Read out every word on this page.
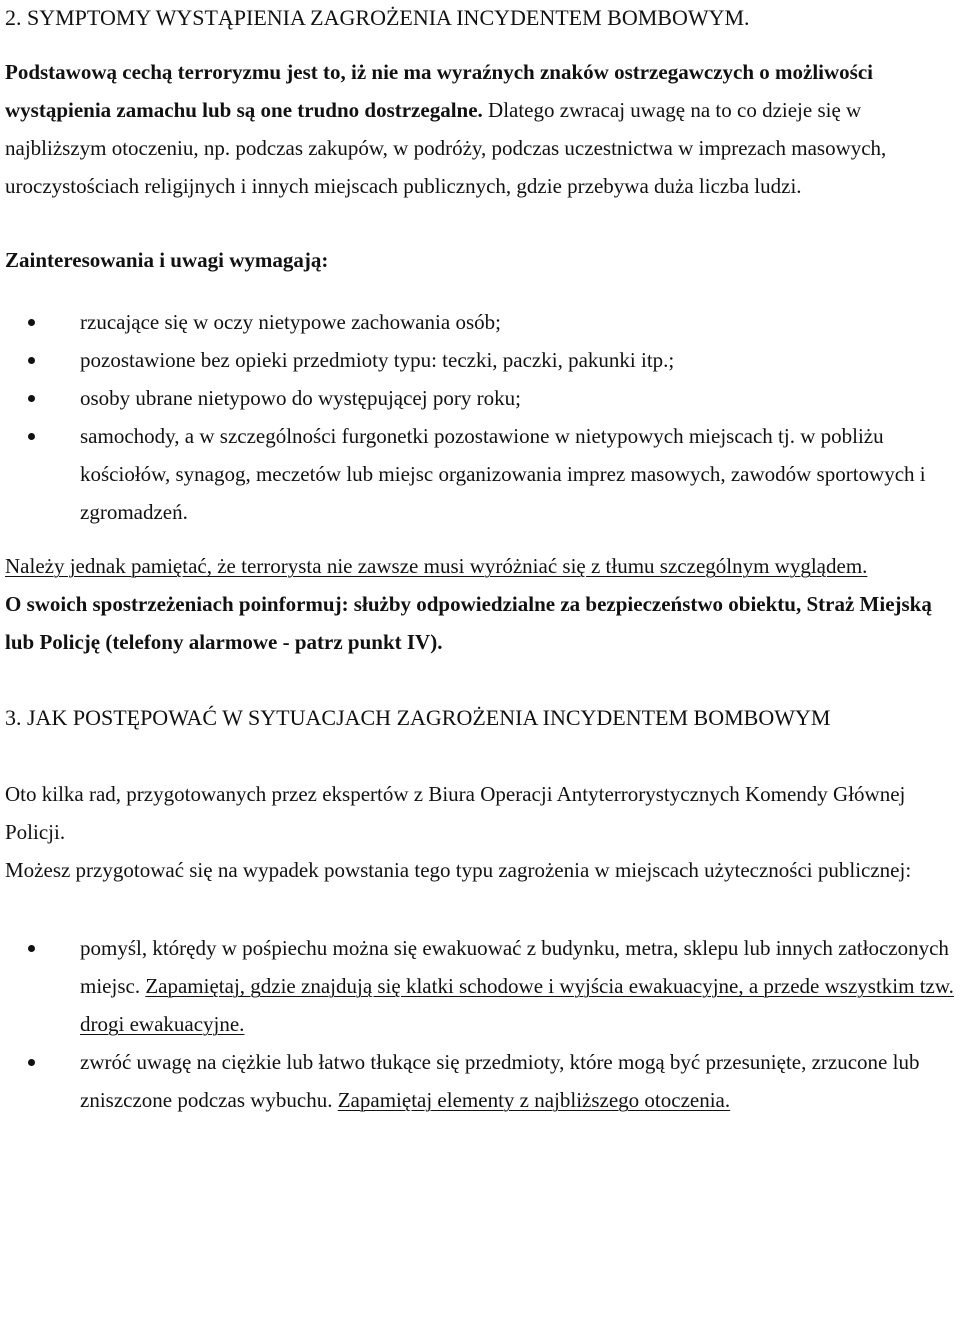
2. SYMPTOMY WYSTĄPIENIA ZAGROŻENIA INCYDENTEM BOMBOWYM.

Podstawową cechą terroryzmu jest to, iż nie ma wyraźnych znaków ostrzegawczych o możliwości wystąpienia zamachu lub są one trudno dostrzegalne. Dlatego zwracaj uwagę na to co dzieje się w najbliższym otoczeniu, np. podczas zakupów, w podróży, podczas uczestnictwa w imprezach masowych, uroczystościach religijnych i innych miejscach publicznych, gdzie przebywa duża liczba ludzi.

Zainteresowania i uwagi wymagają:

rzucające się w oczy nietypowe zachowania osób;
pozostawione bez opieki przedmioty typu: teczki, paczki, pakunki itp.;
osoby ubrane nietypowo do występującej pory roku;
samochody, a w szczególności furgonetki pozostawione w nietypowych miejscach tj. w pobliżu kościołów, synagog, meczetów lub miejsc organizowania imprez masowych, zawodów sportowych i zgromadzeń.

Należy jednak pamiętać, że terrorysta nie zawsze musi wyróżniać się z tłumu szczególnym wyglądem.

O swoich spostrzeżeniach poinformuj: służby odpowiedzialne za bezpieczeństwo obiektu, Straż Miejską lub Policję (telefony alarmowe - patrz punkt IV).

3. JAK POSTĘPOWAĆ W SYTUACJACH ZAGROŻENIA INCYDENTEM BOMBOWYM

Oto kilka rad, przygotowanych przez ekspertów z Biura Operacji Antyterrorystycznych Komendy Głównej Policji.

Możesz przygotować się na wypadek powstania tego typu zagrożenia w miejscach użyteczności publicznej:

pomyśl, którędy w pośpiechu można się ewakuować z budynku, metra, sklepu lub innych zatłoczonych miejsc. Zapamiętaj, gdzie znajdują się klatki schodowe i wyjścia ewakuacyjne, a przede wszystkim tzw. drogi ewakuacyjne.
zwróć uwagę na ciężkie lub łatwo tłukące się przedmioty, które mogą być przesunięte, zrzucone lub zniszczone podczas wybuchu. Zapamiętaj elementy z najbliższego otoczenia.
